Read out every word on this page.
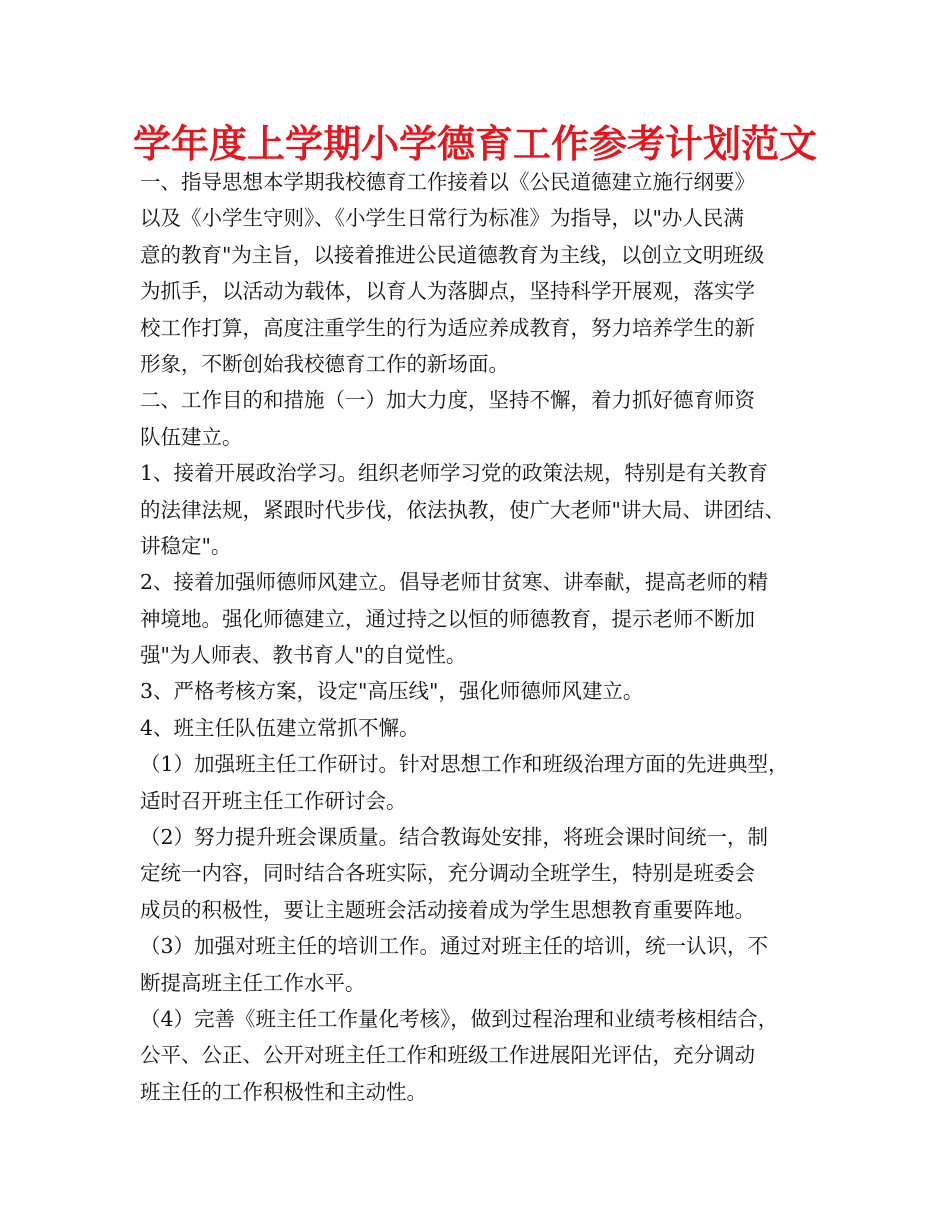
学年度上学期小学德育工作参考计划范文
一、指导思想本学期我校德育工作接着以《公民道德建立施行纲要》
以及《小学生守则》、《小学生日常行为标准》为指导，以"办人民满
意的教育"为主旨，以接着推进公民道德教育为主线，以创立文明班级
为抓手，以活动为载体，以育人为落脚点，坚持科学开展观，落实学
校工作打算，高度注重学生的行为适应养成教育，努力培养学生的新
形象，不断创始我校德育工作的新场面。
二、工作目的和措施（一）加大力度，坚持不懈，着力抓好德育师资
队伍建立。
1、接着开展政治学习。组织老师学习党的政策法规，特别是有关教育
的法律法规，紧跟时代步伐，依法执教，使广大老师"讲大局、讲团结、
讲稳定"。
2、接着加强师德师风建立。倡导老师甘贫寒、讲奉献，提高老师的精
神境地。强化师德建立，通过持之以恒的师德教育，提示老师不断加
强"为人师表、教书育人"的自觉性。
3、严格考核方案，设定"高压线"，强化师德师风建立。
4、班主任队伍建立常抓不懈。
（1）加强班主任工作研讨。针对思想工作和班级治理方面的先进典型，
适时召开班主任工作研讨会。
（2）努力提升班会课质量。结合教诲处安排，将班会课时间统一，制
定统一内容，同时结合各班实际，充分调动全班学生，特别是班委会
成员的积极性，要让主题班会活动接着成为学生思想教育重要阵地。
（3）加强对班主任的培训工作。通过对班主任的培训，统一认识，不
断提高班主任工作水平。
（4）完善《班主任工作量化考核》，做到过程治理和业绩考核相结合，
公平、公正、公开对班主任工作和班级工作进展阳光评估，充分调动
班主任的工作积极性和主动性。
